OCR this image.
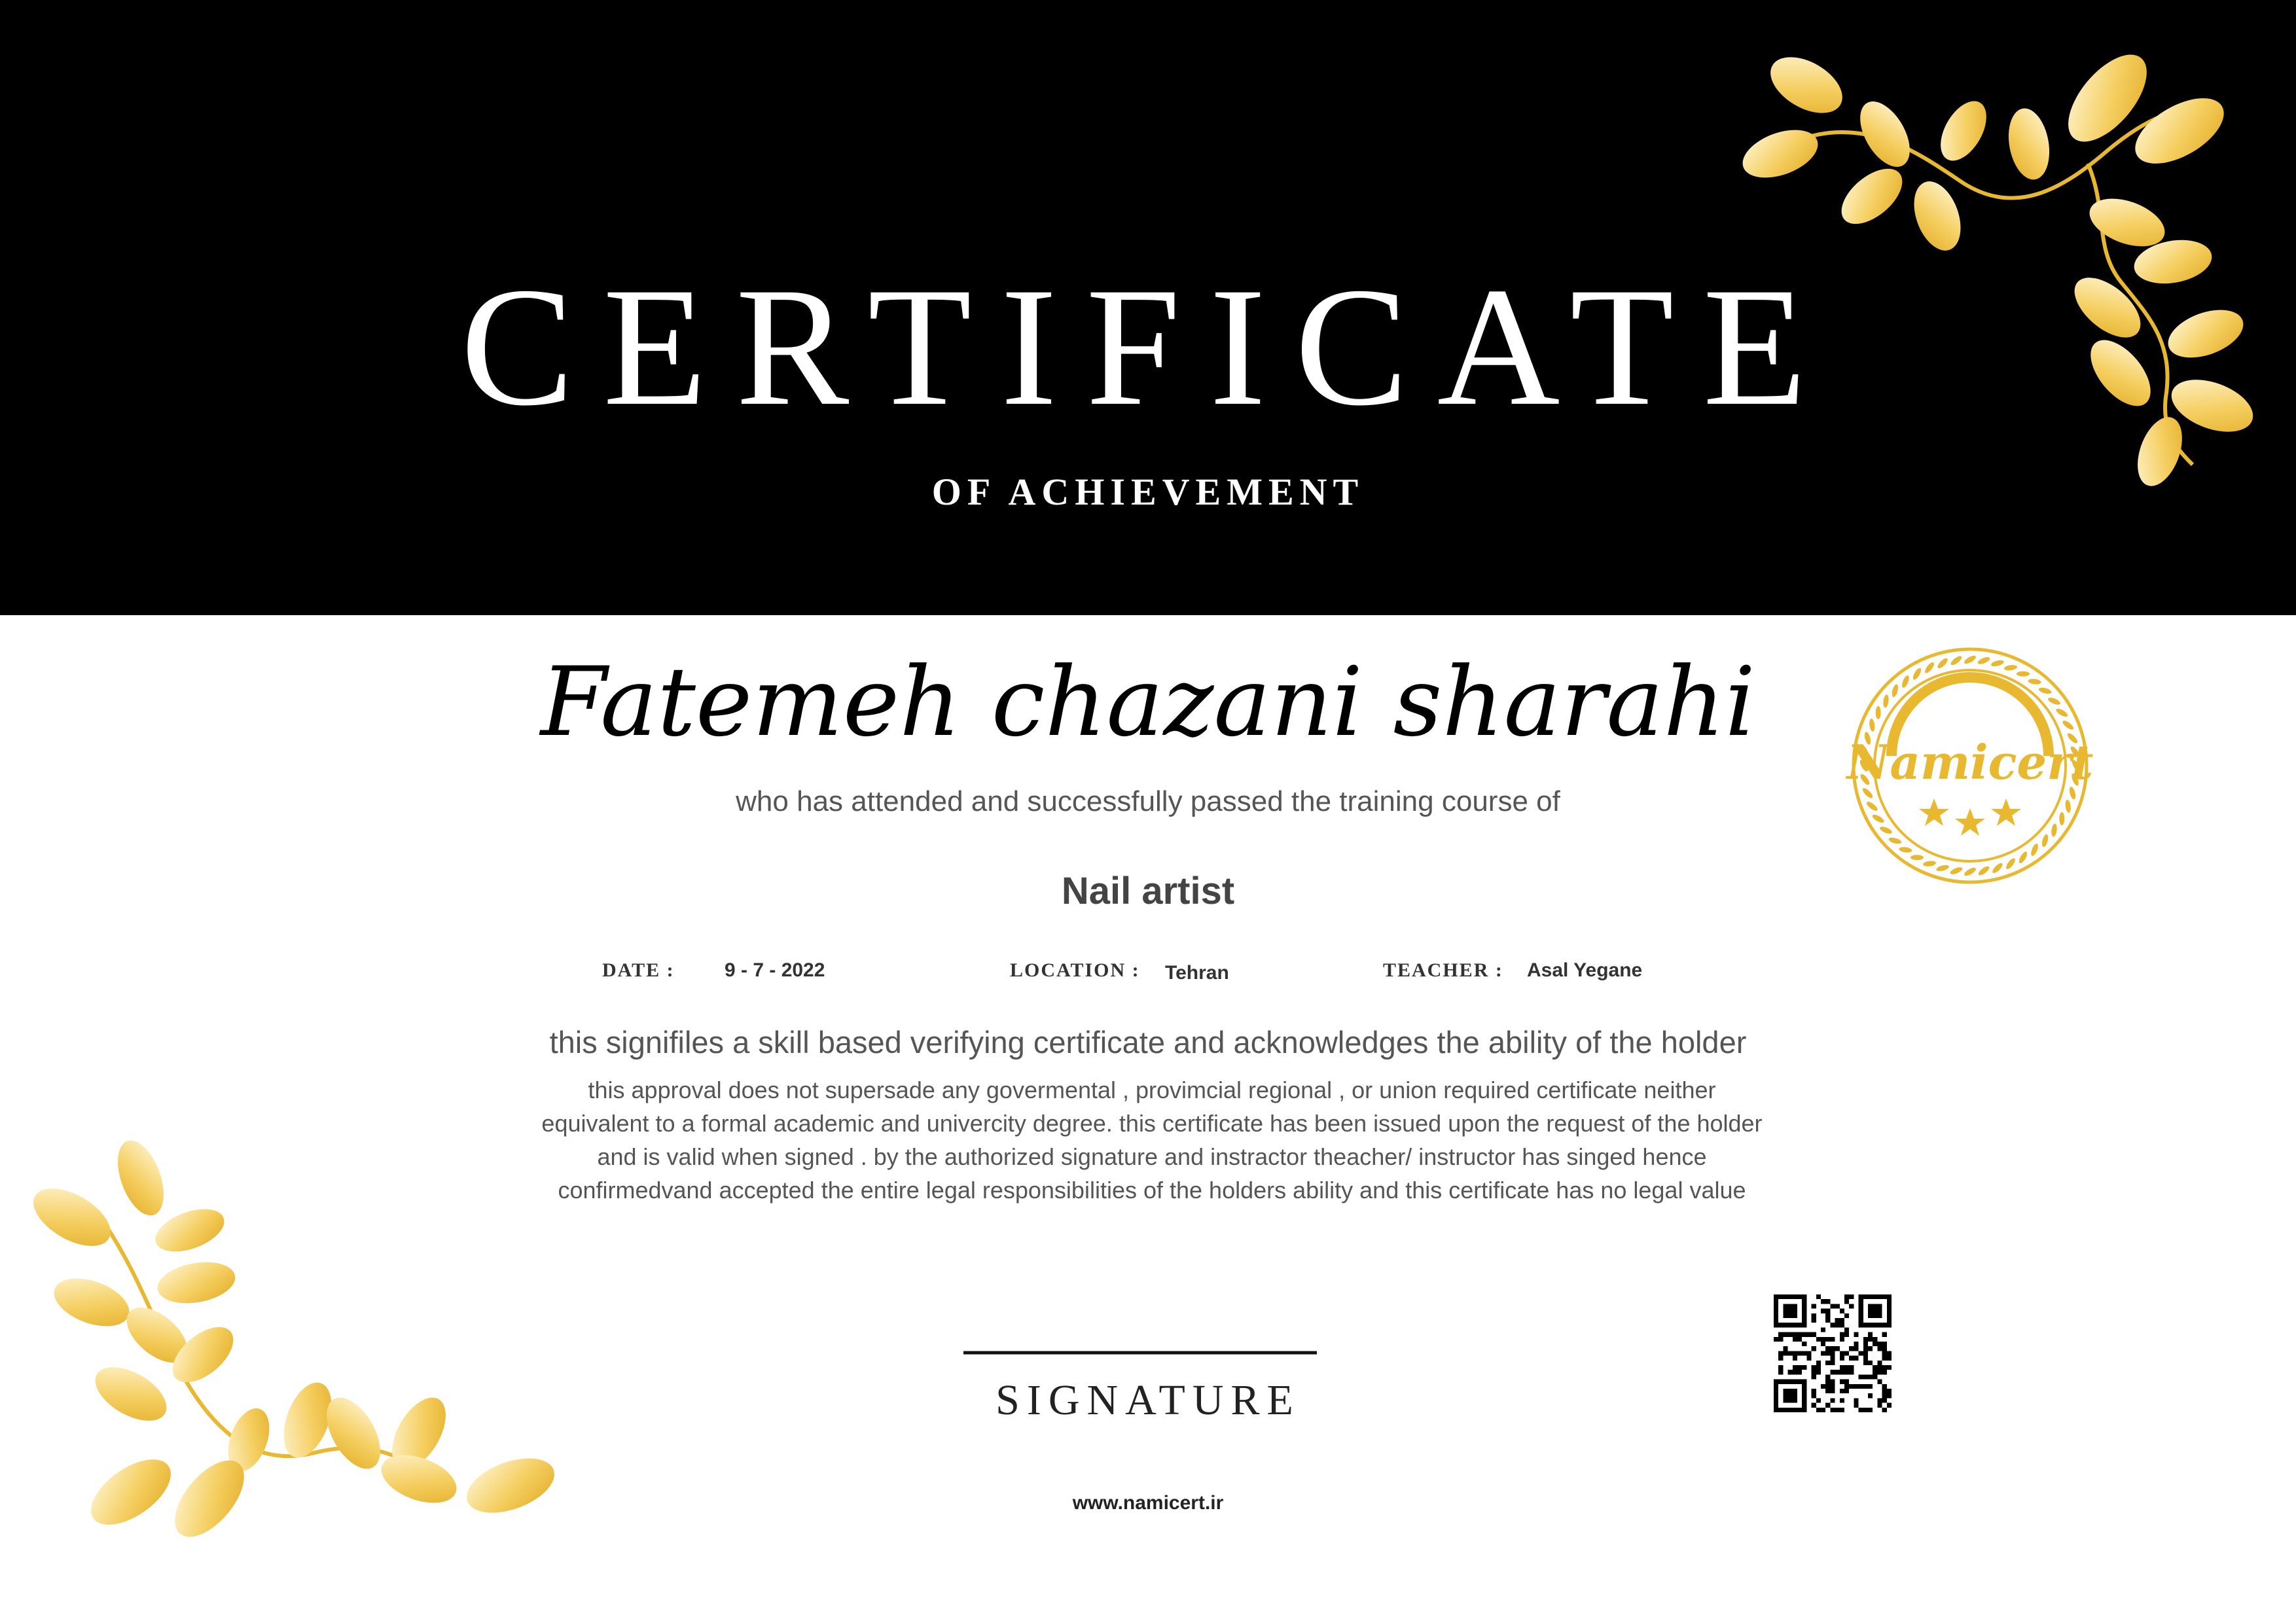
CERTIFICATE
OF ACHIEVEMENT
Fatemeh chazani sharahi
who has attended and successfully passed the training course of
Nail artist
DATE :	9 - 7 - 2022	LOCATION : Tehran	TEACHER : Asal Yegane
this signifiles a skill based verifying certificate and acknowledges the ability of the holder
this approval does not supersade any govermental , provimcial regional , or union required certificate neither equivalent to a formal academic and univercity degree. this certificate has been issued upon the request of the holder and is valid when signed . by the authorized signature and instractor theacher/ instructor has singed hence confirmedvand accepted the entire legal responsibilities of the holders ability and this certificate has no legal value
SIGNATURE
www.namicert.ir
Namicert
